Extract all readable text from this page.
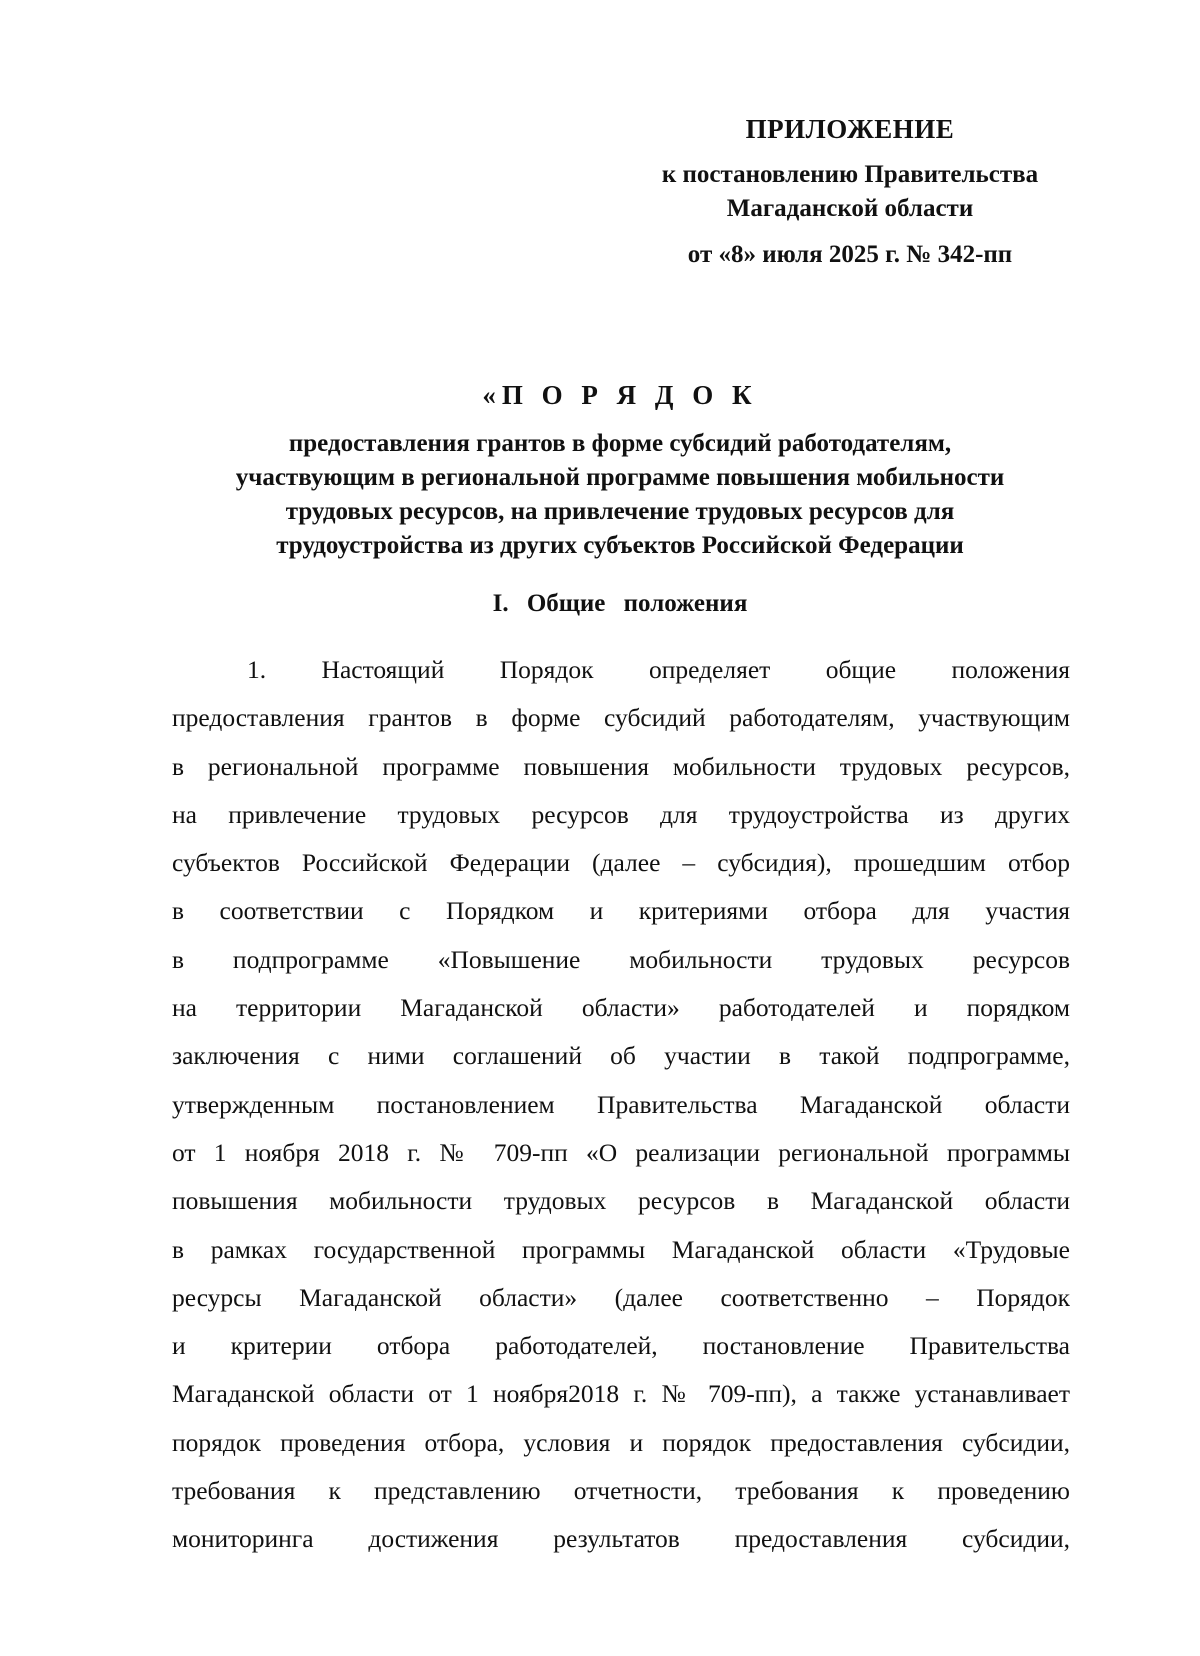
ПРИЛОЖЕНИЕ
к постановлению Правительства
Магаданской области
от «8» июля 2025 г. № 342-пп
«П О Р Я Д О К
предоставления грантов в форме субсидий работодателям,
участвующим в региональной программе повышения мобильности
трудовых ресурсов, на привлечение трудовых ресурсов для
трудоустройства из других субъектов Российской Федерации
I. Общие положения
1. Настоящий Порядок определяет общие положения
предоставления грантов в форме субсидий работодателям, участвующим
в региональной программе повышения мобильности трудовых ресурсов,
на привлечение трудовых ресурсов для трудоустройства из других
субъектов Российской Федерации (далее – субсидия), прошедшим отбор
в соответствии с Порядком и критериями отбора для участия
в подпрограмме «Повышение мобильности трудовых ресурсов
на территории Магаданской области» работодателей и порядком
заключения с ними соглашений об участии в такой подпрограмме,
утвержденным постановлением Правительства Магаданской области
от 1 ноября 2018 г. № 709-пп «О реализации региональной программы
повышения мобильности трудовых ресурсов в Магаданской области
в рамках государственной программы Магаданской области «Трудовые
ресурсы Магаданской области» (далее соответственно – Порядок
и критерии отбора работодателей, постановление Правительства
Магаданской области от 1 ноября2018 г. № 709-пп), а также устанавливает
порядок проведения отбора, условия и порядок предоставления субсидии,
требования к представлению отчетности, требования к проведению
мониторинга достижения результатов предоставления субсидии,
